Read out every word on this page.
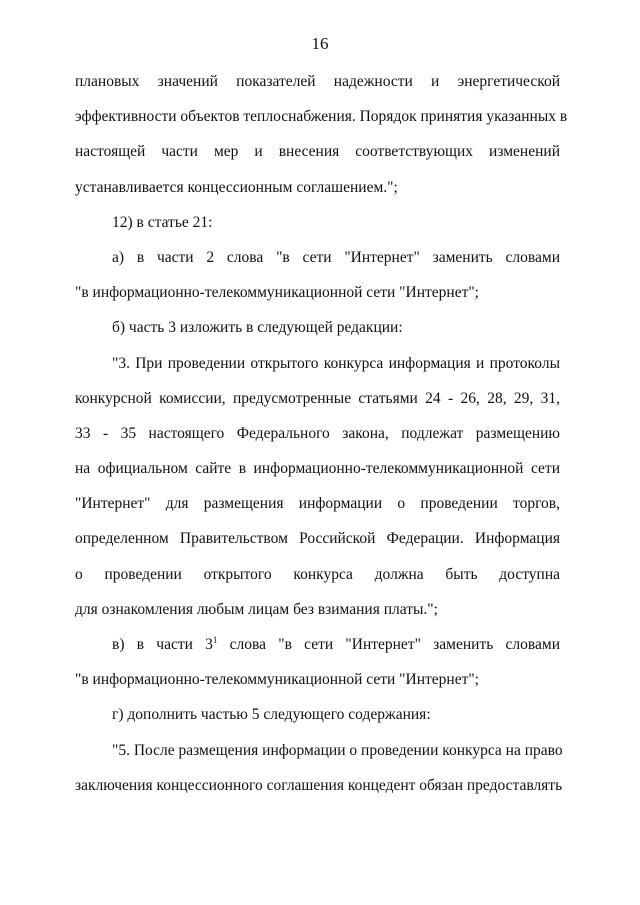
16
плановых значений показателей надежности и энергетической
эффективности объектов теплоснабжения. Порядок принятия указанных в
настоящей части мер и внесения соответствующих изменений
устанавливается концессионным соглашением.";
12) в статье 21:
а) в части 2 слова "в сети "Интернет" заменить словами
"в информационно-телекоммуникационной сети "Интернет";
б) часть 3 изложить в следующей редакции:
"3. При проведении открытого конкурса информация и протоколы
конкурсной комиссии, предусмотренные статьями 24 - 26, 28, 29, 31,
33 - 35 настоящего Федерального закона, подлежат размещению
на официальном сайте в информационно-телекоммуникационной сети
"Интернет" для размещения информации о проведении торгов,
определенном Правительством Российской Федерации. Информация
о проведении открытого конкурса должна быть доступна
для ознакомления любым лицам без взимания платы.";
в) в части $3^1$ слова "в сети "Интернет" заменить словами
"в информационно-телекоммуникационной сети "Интернет";
г) дополнить частью 5 следующего содержания:
"5. После размещения информации о проведении конкурса на право
заключения концессионного соглашения концедент обязан предоставлять
